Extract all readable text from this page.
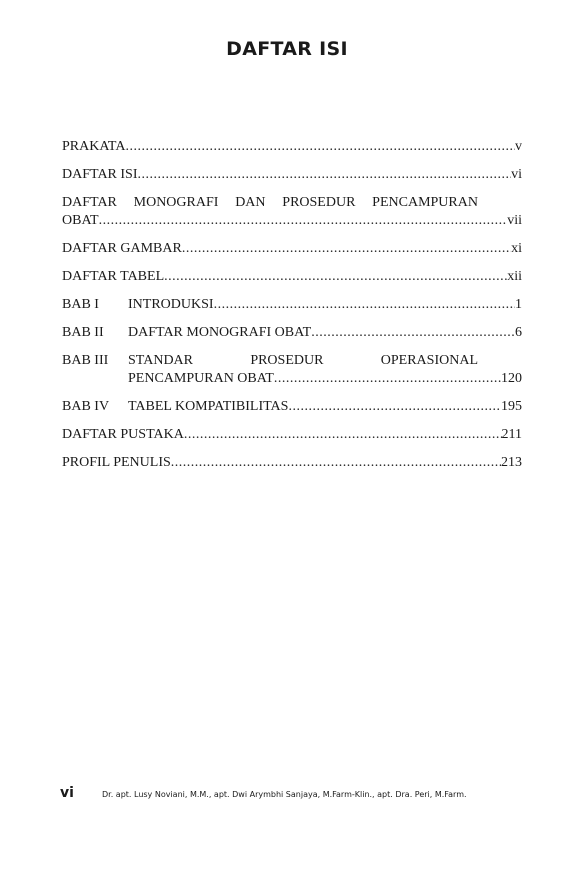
DAFTAR ISI
PRAKATA .....	v
DAFTAR ISI .....	vi
DAFTAR MONOGRAFI DAN PROSEDUR PENCAMPURAN
OBAT .....	vii
DAFTAR GAMBAR .....	xi
DAFTAR TABEL .....	xii
BAB I	INTRODUKSI .....	1
BAB II	DAFTAR MONOGRAFI OBAT .....	6
BAB III	STANDAR	PROSEDUR	OPERASIONAL
PENCAMPURAN OBAT .....	120
BAB IV	TABEL KOMPATIBILITAS .....	195
DAFTAR PUSTAKA .....	211
PROFIL PENULIS .....	213
vi	Dr. apt. Lusy Noviani, M.M., apt. Dwi Arymbhi Sanjaya, M.Farm-Klin., apt. Dra. Peri, M.Farm.
